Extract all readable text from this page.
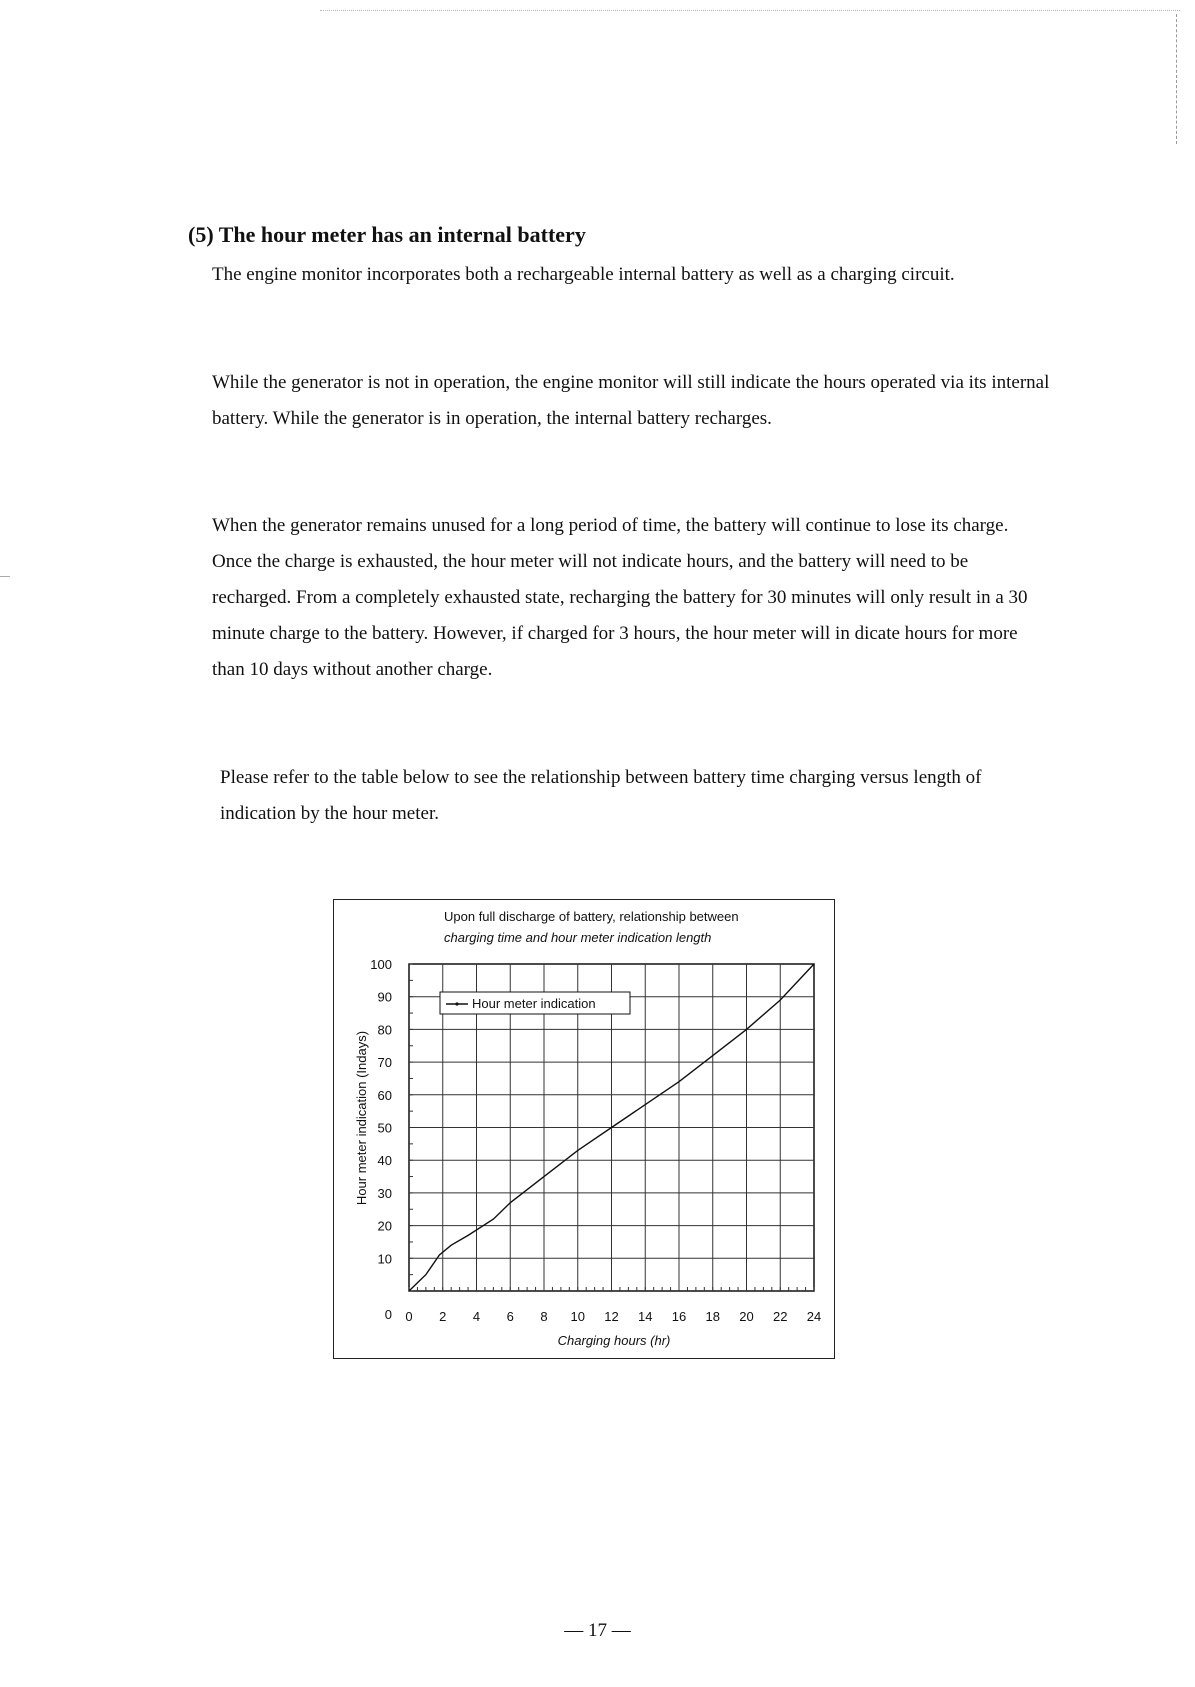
(5) The hour meter has an internal battery

The engine monitor incorporates both a rechargeable internal battery as well as a charging circuit.

While the generator is not in operation, the engine monitor will still indicate the hours operated via its internal battery. While the generator is in operation, the internal battery recharges.

When the generator remains unused for a long period of time, the battery will continue to lose its charge. Once the charge is exhausted, the hour meter will not indicate hours, and the battery will need to be recharged. From a completely exhausted state, recharging the battery for 30 minutes will only result in a 30 minute charge to the battery. However, if charged for 3 hours, the hour meter will in dicate hours for more than 10 days without another charge.

Please refer to the table below to see the relationship between battery time charging versus length of indication by the hour meter.

Upon full discharge of battery, relationship between
charging time and hour meter indication length
0 2 4 6 8 10 12 14 16 18 20 22 24
100
90
80
70
60
50
40
30
20
10
0
Hour meter indication
Charging hours (hr)
Hour meter indication (Indays)
— 17 —
